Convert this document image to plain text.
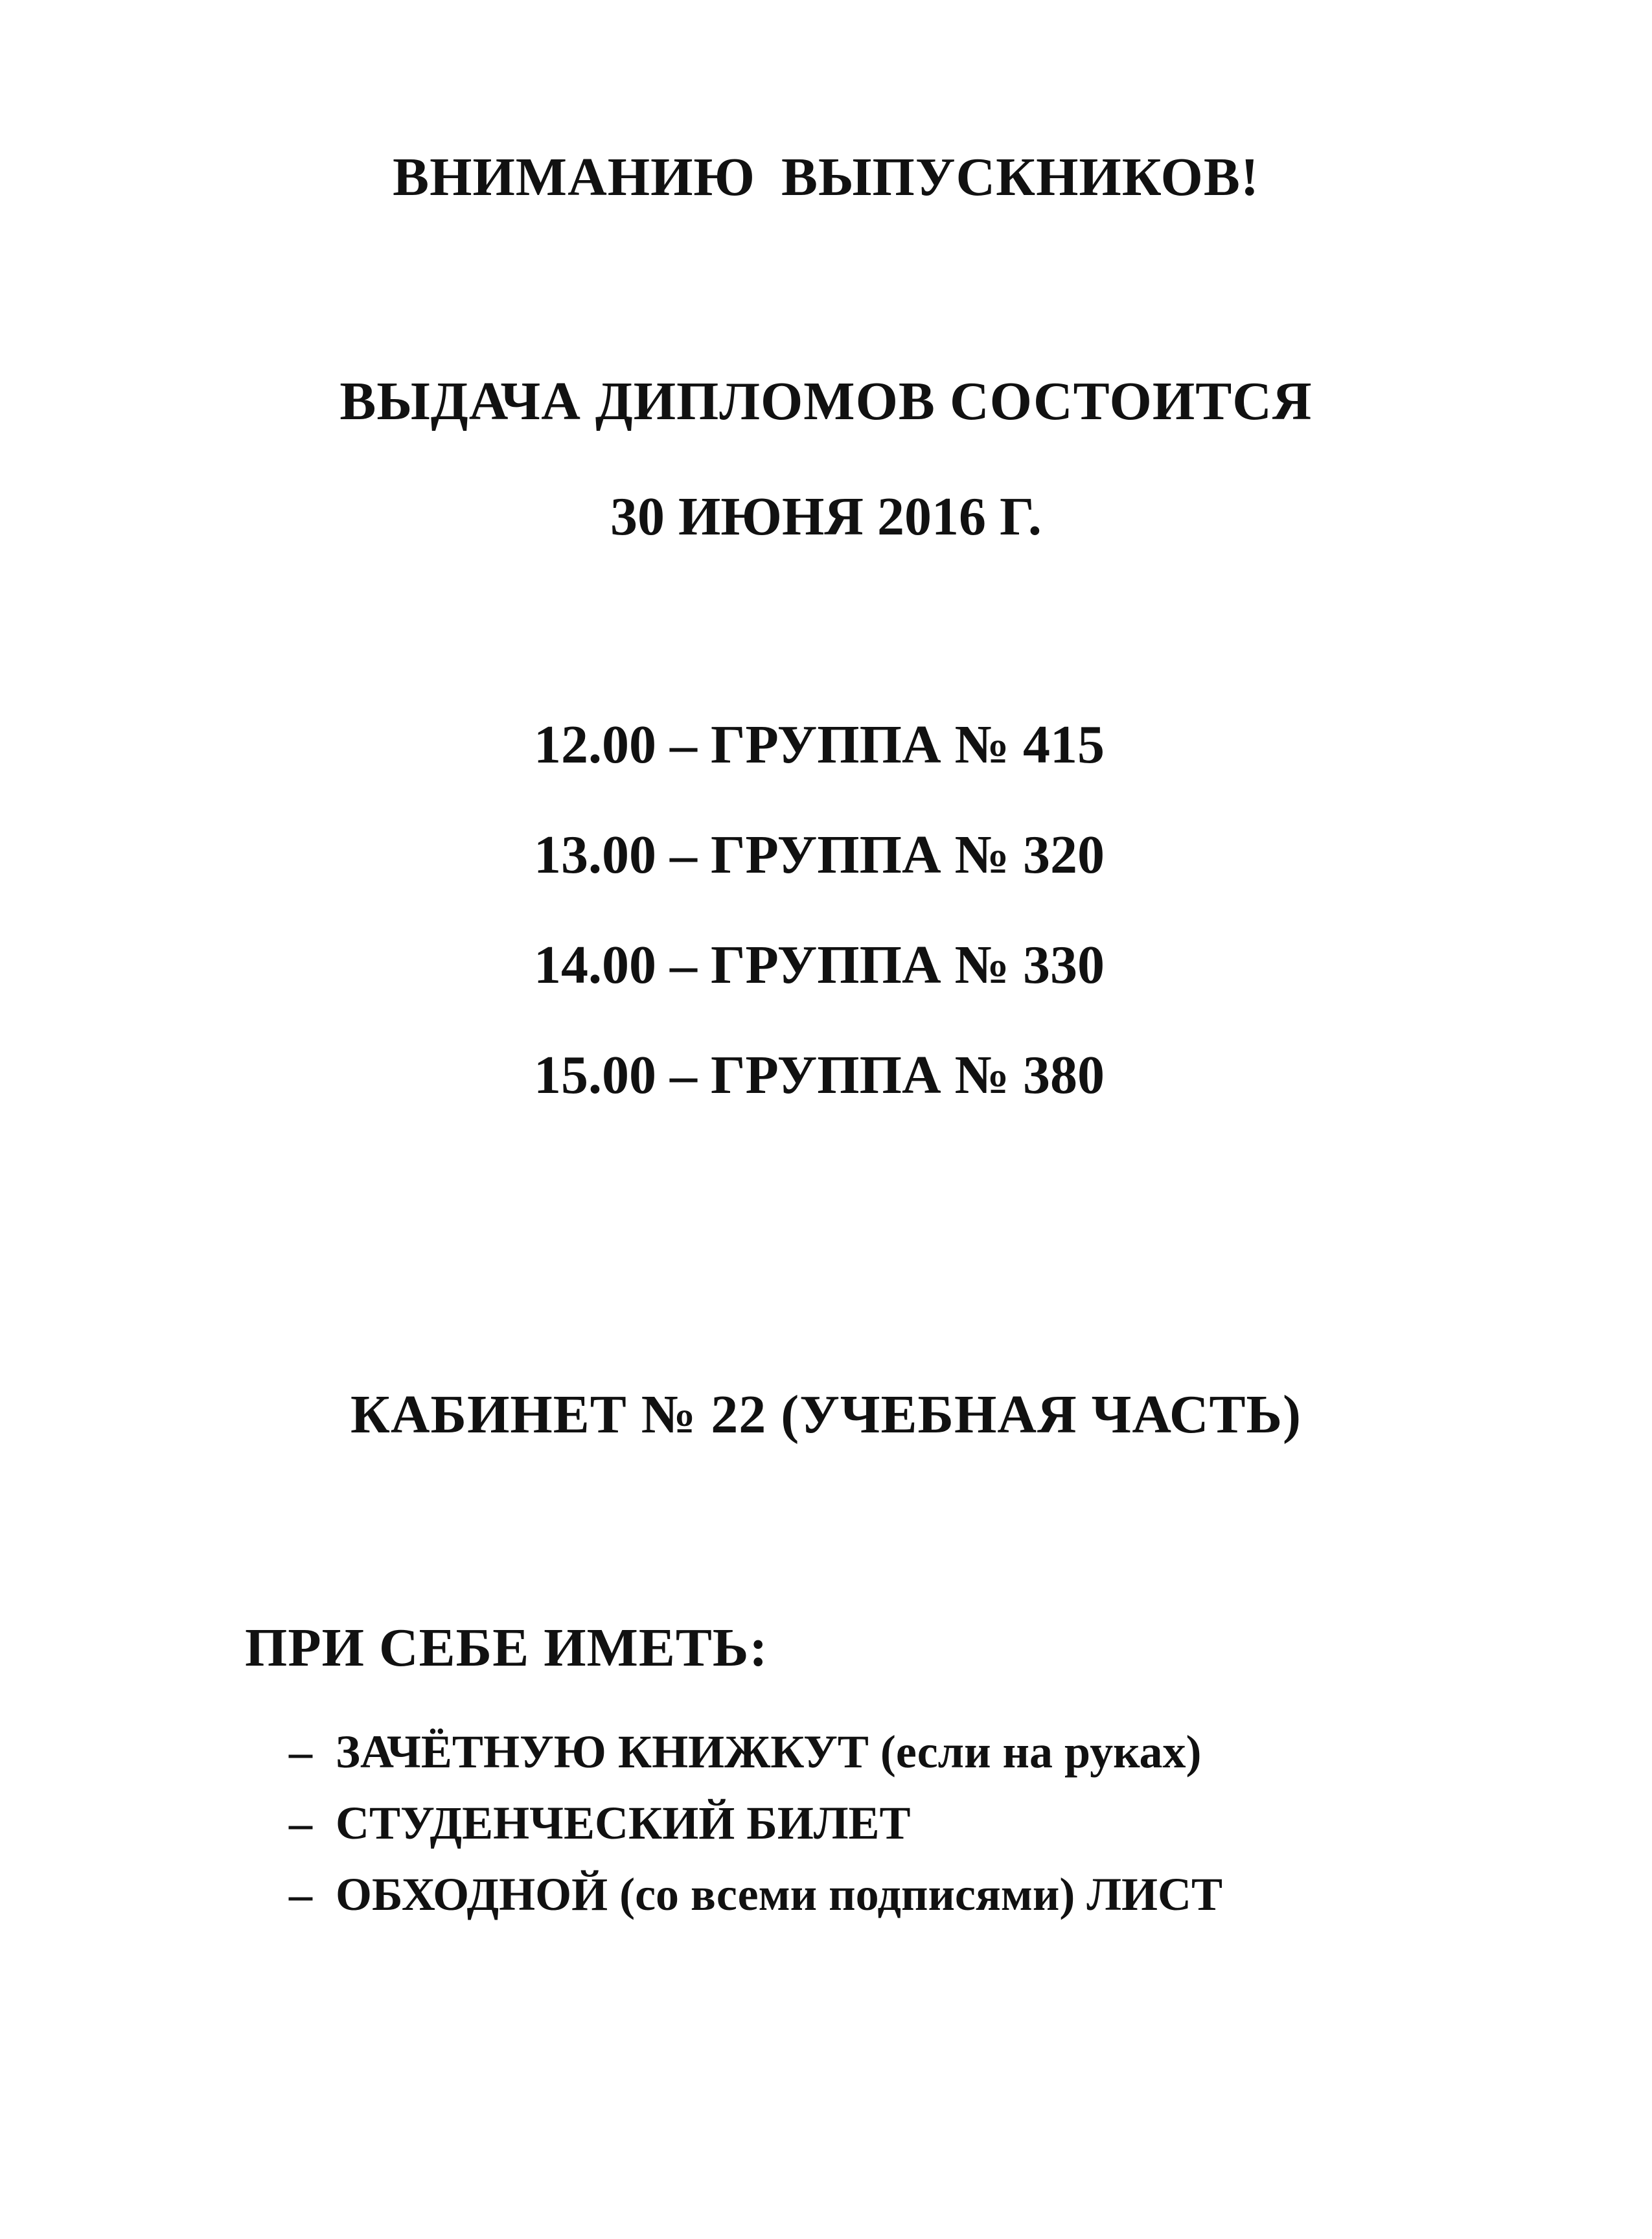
ВНИМАНИЮ ВЫПУСКНИКОВ!
ВЫДАЧА ДИПЛОМОВ СОСТОИТСЯ
30 ИЮНЯ 2016 Г.
12.00 – ГРУППА № 415
13.00 – ГРУППА № 320
14.00 – ГРУППА № 330
15.00 – ГРУППА № 380
КАБИНЕТ № 22 (УЧЕБНАЯ ЧАСТЬ)
ПРИ СЕБЕ ИМЕТЬ:
– ЗАЧЁТНУЮ КНИЖКУТ (если на руках)
– СТУДЕНЧЕСКИЙ БИЛЕТ
– ОБХОДНОЙ (со всеми подписями) ЛИСТ
